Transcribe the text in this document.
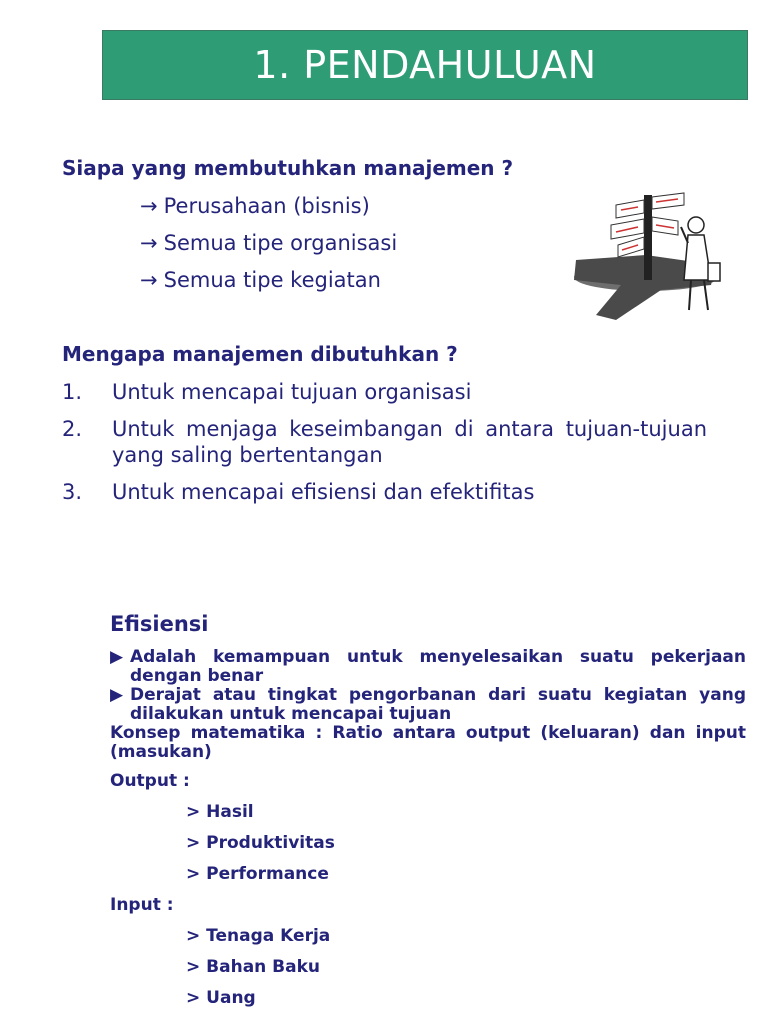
1. PENDAHULUAN
Siapa yang membutuhkan manajemen ?
→ Perusahaan (bisnis)
→ Semua tipe organisasi
→ Semua tipe kegiatan
Mengapa manajemen dibutuhkan ?
1.	Untuk mencapai tujuan organisasi
2.	Untuk menjaga keseimbangan di antara tujuan-tujuan yang saling bertentangan
3.	Untuk mencapai efisiensi dan efektifitas
Efisiensi

▶ Adalah kemampuan untuk menyelesaikan suatu pekerjaan dengan benar

▶ Derajat atau tingkat pengorbanan dari suatu kegiatan yang dilakukan untuk mencapai tujuan

Konsep matematika : Ratio antara output (keluaran) dan input (masukan)

Output :

> Hasil
> Produktivitas
> Performance

Input :

> Tenaga Kerja
> Bahan Baku
> Uang
